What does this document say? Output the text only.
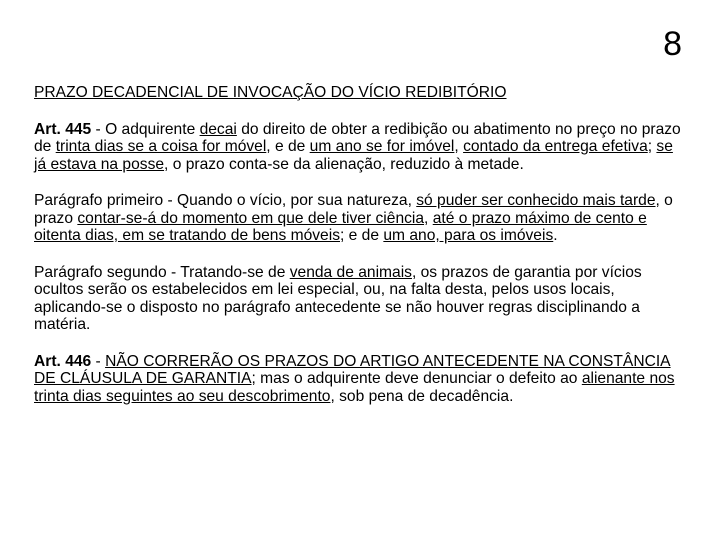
8

PRAZO DECADENCIAL DE INVOCAÇÃO DO VÍCIO REDIBITÓRIO

Art. 445 - O adquirente decai do direito de obter a redibição ou abatimento no preço no prazo de trinta dias se a coisa for móvel, e de um ano se for imóvel, contado da entrega efetiva; se já estava na posse, o prazo conta-se da alienação, reduzido à metade.

Parágrafo primeiro - Quando o vício, por sua natureza, só puder ser conhecido mais tarde, o prazo contar-se-á do momento em que dele tiver ciência, até o prazo máximo de cento e oitenta dias, em se tratando de bens móveis; e de um ano, para os imóveis.

Parágrafo segundo - Tratando-se de venda de animais, os prazos de garantia por vícios ocultos serão os estabelecidos em lei especial, ou, na falta desta, pelos usos locais, aplicando-se o disposto no parágrafo antecedente se não houver regras disciplinando a matéria.

Art. 446 - NÃO CORRERÃO OS PRAZOS DO ARTIGO ANTECEDENTE NA CONSTÂNCIA DE CLÁUSULA DE GARANTIA; mas o adquirente deve denunciar o defeito ao alienante nos trinta dias seguintes ao seu descobrimento, sob pena de decadência.
